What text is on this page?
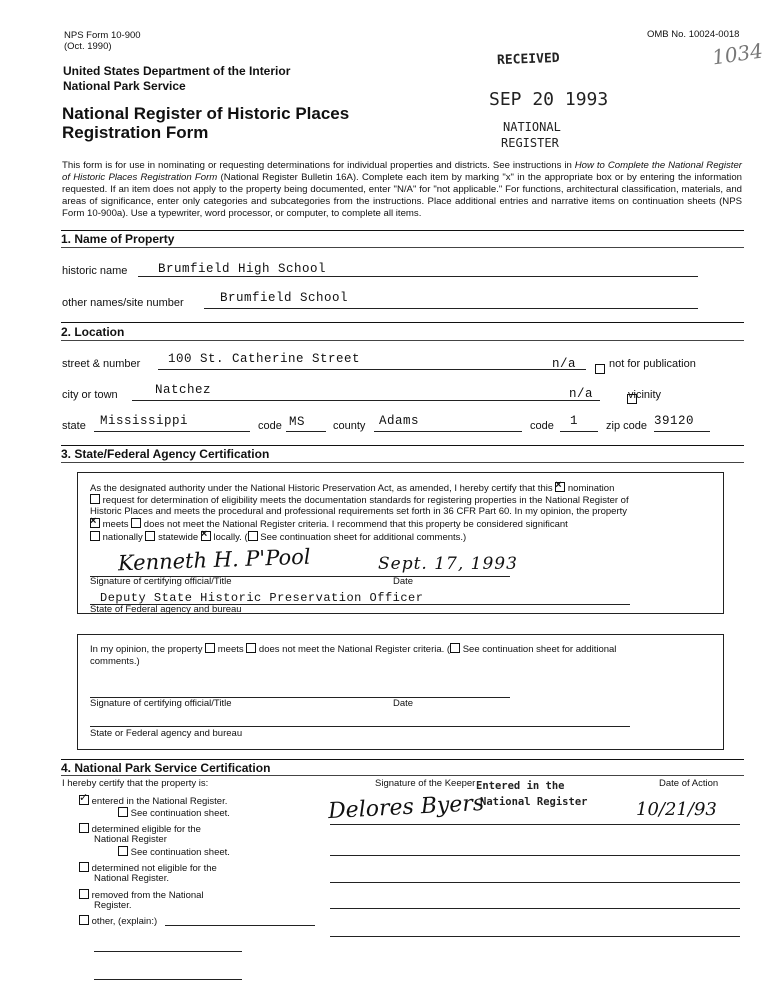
NPS Form 10-900
(Oct. 1990)
OMB No. 10024-0018
1034
United States Department of the Interior
National Park Service
National Register of Historic Places
Registration Form
RECEIVED
SEP 20 1993
NATIONAL
REGISTER
This form is for use in nominating or requesting determinations for individual properties and districts. See instructions in How to Complete the National Register of Historic Places Registration Form (National Register Bulletin 16A). Complete each item by marking "x" in the appropriate box or by entering the information requested. If an item does not apply to the property being documented, enter "N/A" for "not applicable." For functions, architectural classification, materials, and areas of significance, enter only categories and subcategories from the instructions. Place additional entries and narrative items on continuation sheets (NPS Form 10-900a). Use a typewriter, word processor, or computer, to complete all items.
1. Name of Property
historic name Brumfield High School
other names/site number	Brumfield School
2. Location
street & number 100 St. Catherine Street	n/a
	not for publication
city or town	Natchez	n/a	vicinity
state Mississippi	code MS	county Adams	code 1	zip code 39120
3. State/Federal Agency Certification
As the designated authority under the National Historic Preservation Act, as amended, I hereby certify that this × nomination
request for determination of eligibility meets the documentation standards for registering properties in the National Register of
Historic Places and meets the procedural and professional requirements set forth in 36 CFR Part 60. In my opinion, the property
× meets does not meet the National Register criteria. I recommend that this property be considered significant
nationally statewide × locally. ( See continuation sheet for additional comments.)
Kenneth H. P'Pool	Sept. 17, 1993
Signature of certifying official/Title	Date
Deputy State Historic Preservation Officer
State of Federal agency and bureau
In my opinion, the property meets does not meet the National Register criteria. ( See continuation sheet for additional
comments.)
Signature of certifying official/Title	Date
State or Federal agency and bureau
4. National Park Service Certification
I hereby certify that the property is:	Signature of the Keeper	Date of Action
Entered in the
National Register
Delores Byers	10/21/93
✓ entered in the National Register.
See continuation sheet.
determined eligible for the
National Register
See continuation sheet.
determined not eligible for the
National Register.
removed from the National
Register.
other, (explain:)
